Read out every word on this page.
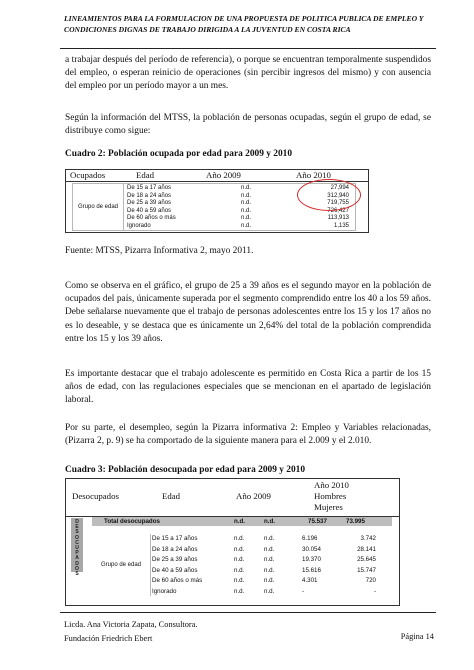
LINEAMIENTOS PARA LA FORMULACION DE UNA PROPUESTA DE POLITICA PUBLICA DE EMPLEO Y
CONDICIONES DIGNAS DE TRABAJO DIRIGIDA A LA JUVENTUD EN COSTA RICA

a trabajar después del período de referencia), o porque se encuentran temporalmente suspendidos del empleo, o esperan reinicio de operaciones (sin percibir ingresos del mismo) y con ausencia del empleo por un período mayor a un mes.

Según la información del MTSS, la población de personas ocupadas, según el grupo de edad, se distribuye como sigue:

Cuadro 2: Población ocupada por edad para 2009 y 2010
Ocupados	Edad	Año 2009	Año 2010
Grupo de edad
De 15 a 17 años	n.d.	27,994
De 18 a 24 años	n.d.	312,940
De 25 a 39 años	n.d.	719,755
De 40 a 59 años	n.d.	726,427
De 60 años o más	n.d.	113,913
Ignorado	n.d.	1,135
Fuente: MTSS, Pizarra Informativa 2, mayo 2011.

Como se observa en el gráfico, el grupo de 25 a 39 años es el segundo mayor en la población de ocupados del país, únicamente superada por el segmento comprendido entre los 40 a los 59 años. Debe señalarse nuevamente que el trabajo de personas adolescentes entre los 15 y los 17 años no es lo deseable, y se destaca que es únicamente un 2,64% del total de la población comprendida entre los 15 y los 39 años.

Es importante destacar que el trabajo adolescente es permitido en Costa Rica a partir de los 15 años de edad, con las regulaciones especiales que se mencionan en el apartado de legislación laboral.

Por su parte, el desempleo, según la Pizarra informativa 2: Empleo y Variables relacionadas, (Pizarra 2, p. 9) se ha comportado de la siguiente manera para el 2.009 y el 2.010.

Cuadro 3: Población desocupada por edad para 2009 y 2010
Desocupados	Edad	Año 2009
Año 2010
Hombres
Mujeres
D
E
S
O
C
U
P
A
D
O
S
Total desocupados	n.d.	n.d.	75.537	73.995
Grupo de edad
De 15 a 17 años	n.d.	n.d.	6.196	3.742
De 18 a 24 años	n.d.	n.d.	30.054	28.141
De 25 a 39 años	n.d.	n.d.	19.370	25.645
De 40 a 59 años	n.d.	n.d.	15.616	15.747
De 60 años o más	n.d.	n.d.	4.301	720
Ignorado	n.d.	n.d.	-	-
Licda. Ana Victoria Zapata, Consultora.
Fundación Friedrich Ebert	Página 14
